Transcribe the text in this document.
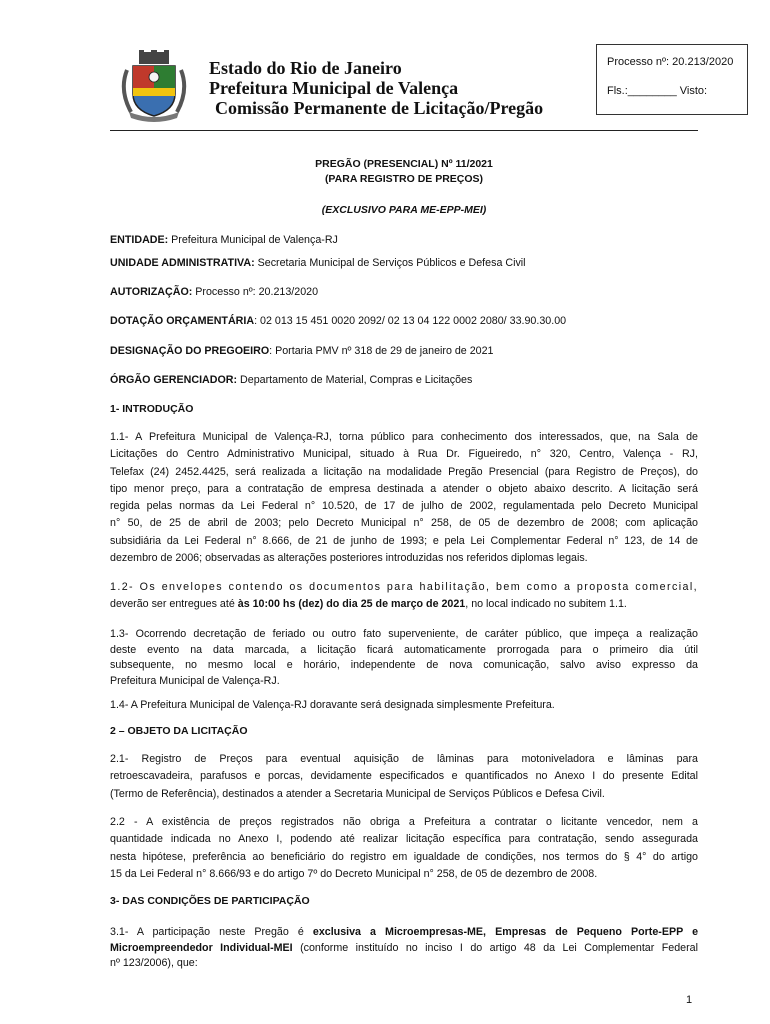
Estado do Rio de Janeiro
Prefeitura Municipal de Valença
Comissão Permanente de Licitação/Pregão
Processo nº: 20.213/2020
Fls.:________ Visto:
PREGÃO (PRESENCIAL) Nº 11/2021
(PARA REGISTRO DE PREÇOS)
(EXCLUSIVO PARA ME-EPP-MEI)
ENTIDADE: Prefeitura Municipal de Valença-RJ
UNIDADE ADMINISTRATIVA: Secretaria Municipal de Serviços Públicos e Defesa Civil
AUTORIZAÇÃO: Processo nº: 20.213/2020
DOTAÇÃO ORÇAMENTÁRIA: 02 013 15 451 0020 2092/ 02 13 04 122 0002 2080/ 33.90.30.00
DESIGNAÇÃO DO PREGOEIRO: Portaria PMV nº 318 de 29 de janeiro de 2021
ÓRGÃO GERENCIADOR: Departamento de Material, Compras e Licitações
1- INTRODUÇÃO
1.1- A Prefeitura Municipal de Valença-RJ, torna público para conhecimento dos interessados, que, na Sala de
Licitações do Centro Administrativo Municipal, situado à Rua Dr. Figueiredo, n° 320, Centro, Valença - RJ,
Telefax (24) 2452.4425, será realizada a licitação na modalidade Pregão Presencial (para Registro de Preços), do
tipo menor preço, para a contratação de empresa destinada a atender o objeto abaixo descrito. A licitação será
regida pelas normas da Lei Federal n° 10.520, de 17 de julho de 2002, regulamentada pelo Decreto Municipal
n° 50, de 25 de abril de 2003; pelo Decreto Municipal n° 258, de 05 de dezembro de 2008; com aplicação
subsidiária da Lei Federal n° 8.666, de 21 de junho de 1993; e pela Lei Complementar Federal n° 123, de 14 de
dezembro de 2006; observadas as alterações posteriores introduzidas nos referidos diplomas legais.
1.2- Os envelopes contendo os documentos para habilitação, bem como a proposta comercial,
deverão ser entregues até às 10:00 hs (dez) do dia 25 de março de 2021, no local indicado no subitem 1.1.
1.3- Ocorrendo decretação de feriado ou outro fato superveniente, de caráter público, que impeça a realização
deste evento na data marcada, a licitação ficará automaticamente prorrogada para o primeiro dia útil
subsequente, no mesmo local e horário, independente de nova comunicação, salvo aviso expresso da
Prefeitura Municipal de Valença-RJ.
1.4- A Prefeitura Municipal de Valença-RJ doravante será designada simplesmente Prefeitura.
2 – OBJETO DA LICITAÇÃO
2.1- Registro de Preços para eventual aquisição de lâminas para motoniveladora e lâminas para
retroescavadeira, parafusos e porcas, devidamente especificados e quantificados no Anexo I do presente Edital
(Termo de Referência), destinados a atender a Secretaria Municipal de Serviços Públicos e Defesa Civil.
2.2 - A existência de preços registrados não obriga a Prefeitura a contratar o licitante vencedor, nem a
quantidade indicada no Anexo I, podendo até realizar licitação específica para contratação, sendo assegurada
nesta hipótese, preferência ao beneficiário do registro em igualdade de condições, nos termos do § 4° do artigo
15 da Lei Federal n° 8.666/93 e do artigo 7º do Decreto Municipal n° 258, de 05 de dezembro de 2008.
3- DAS CONDIÇÕES DE PARTICIPAÇÃO
3.1- A participação neste Pregão é exclusiva a Microempresas-ME, Empresas de Pequeno Porte-EPP e
Microempreendedor Individual-MEI (conforme instituído no inciso I do artigo 48 da Lei Complementar Federal
nº 123/2006), que:
1
